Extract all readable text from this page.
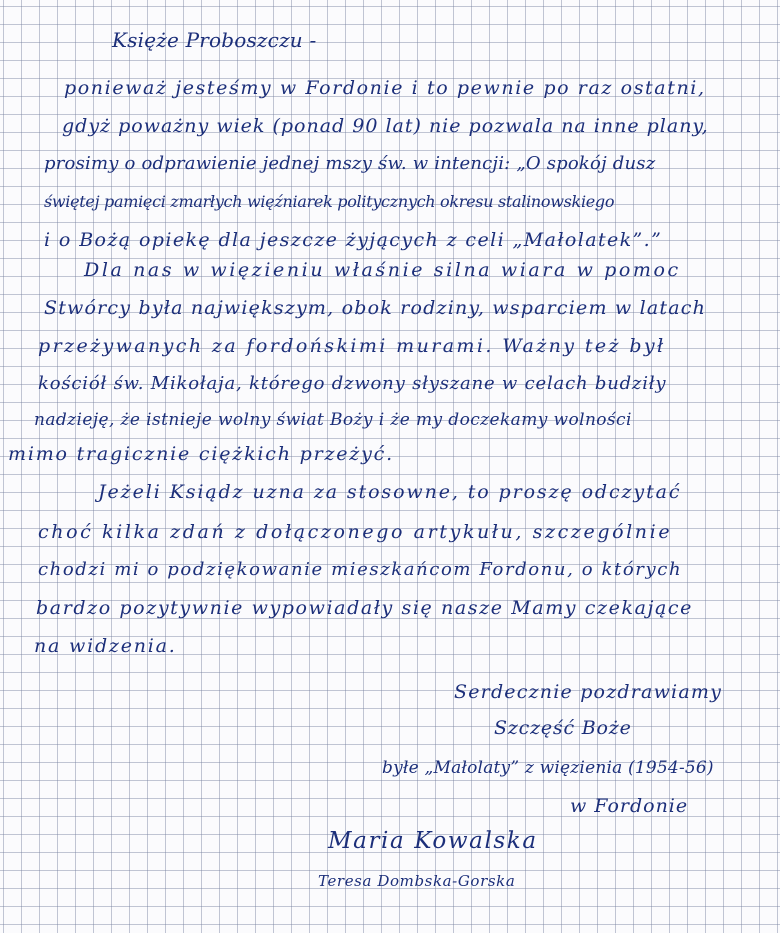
Księże Proboszczu -
ponieważ jesteśmy w Fordonie i to pewnie po raz ostatni,
gdyż poważny wiek (ponad 90 lat) nie pozwala na inne plany,
prosimy o odprawienie jednej mszy św. w intencji: „O spokój dusz
świętej pamięci zmarłych więźniarek politycznych okresu stalinowskiego
i o Bożą opiekę dla jeszcze żyjących z celi „Małolatek”.”
Dla nas w więzieniu właśnie silna wiara w pomoc
Stwórcy była największym, obok rodziny, wsparciem w latach
przeżywanych za fordońskimi murami. Ważny też był
kościół św. Mikołaja, którego dzwony słyszane w celach budziły
nadzieję, że istnieje wolny świat Boży i że my doczekamy wolności
mimo tragicznie ciężkich przeżyć.
Jeżeli Ksiądz uzna za stosowne, to proszę odczytać
choć kilka zdań z dołączonego artykułu, szczególnie
chodzi mi o podziękowanie mieszkańcom Fordonu, o których
bardzo pozytywnie wypowiadały się nasze Mamy czekające
na widzenia.
Serdecznie pozdrawiamy
Szczęść Boże
byłe „Małolaty” z więzienia (1954-56)
w Fordonie
Maria Kowalska
Teresa Dombska-Gorska
